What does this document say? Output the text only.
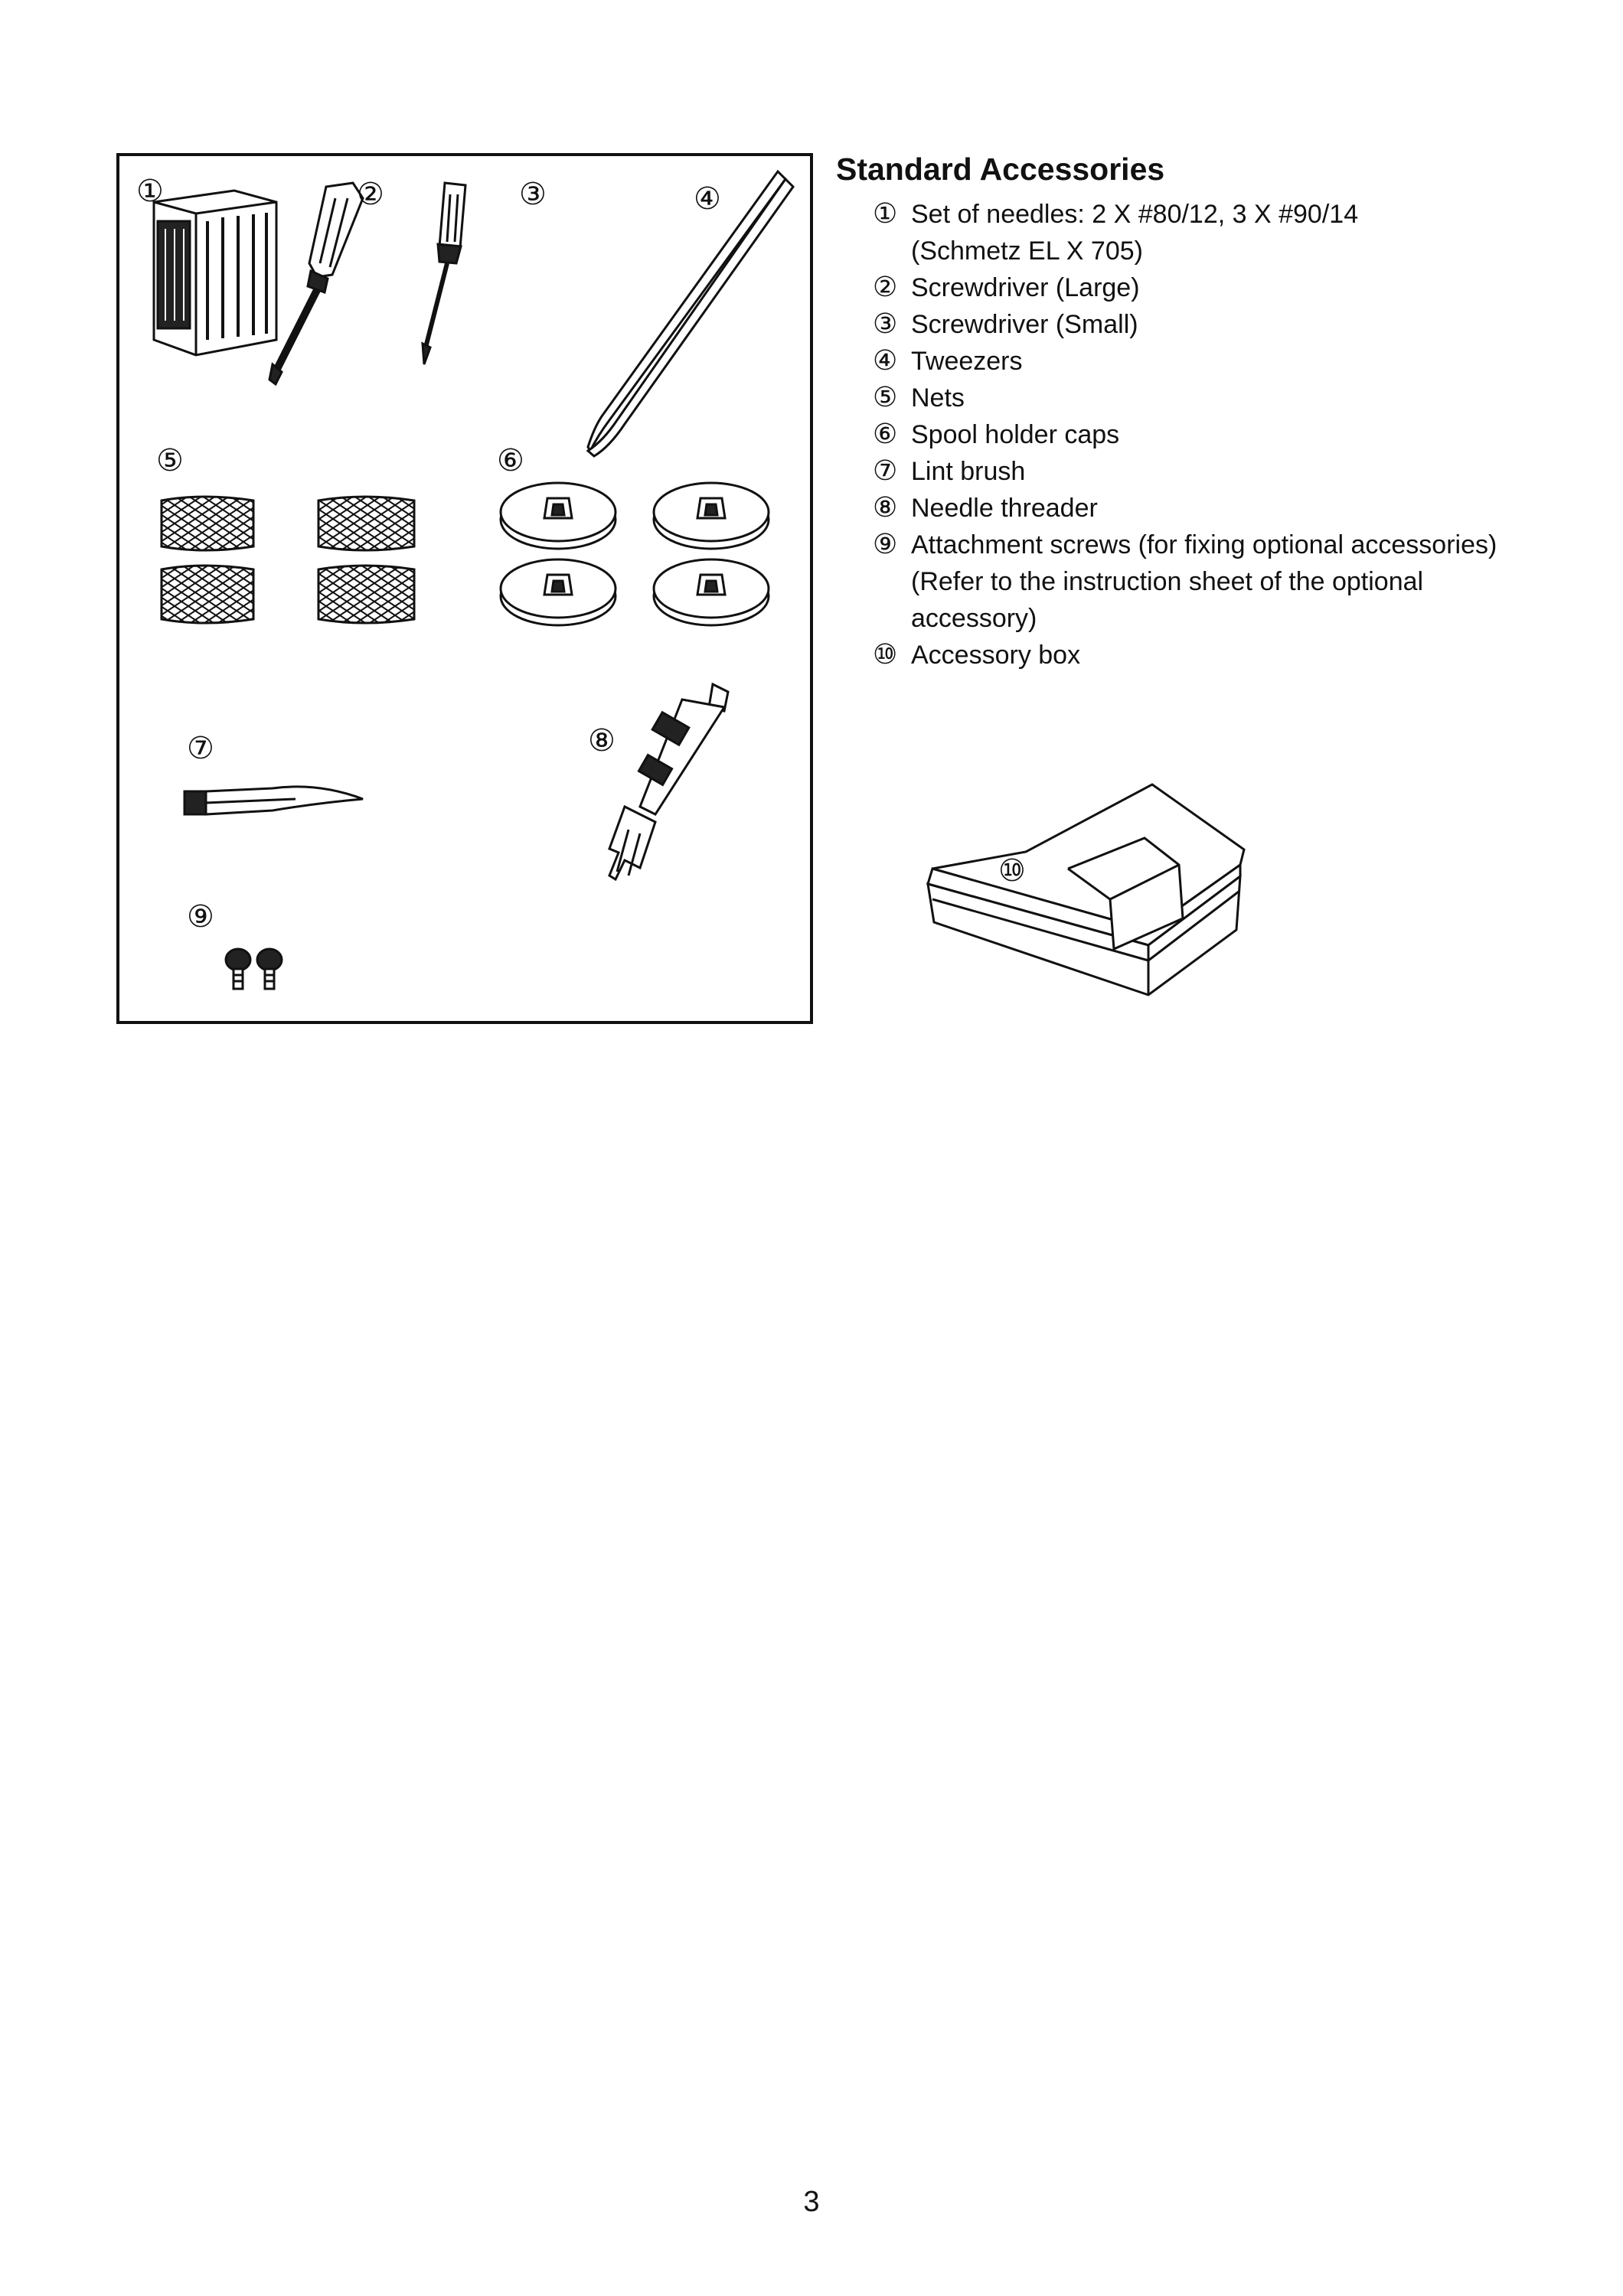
①	②	③	④
⑤	⑥
⑦	⑧
⑨
Standard Accessories
① Set of needles: 2 X #80/12, 3 X #90/14
(Schmetz EL X 705)
② Screwdriver (Large)
③ Screwdriver (Small)
④ Tweezers
⑤ Nets
⑥ Spool holder caps
⑦ Lint brush
⑧ Needle threader
⑨ Attachment screws (for fixing optional accessories)
(Refer to the instruction sheet of the optional
accessory)
⑩ Accessory box
⑩
3
